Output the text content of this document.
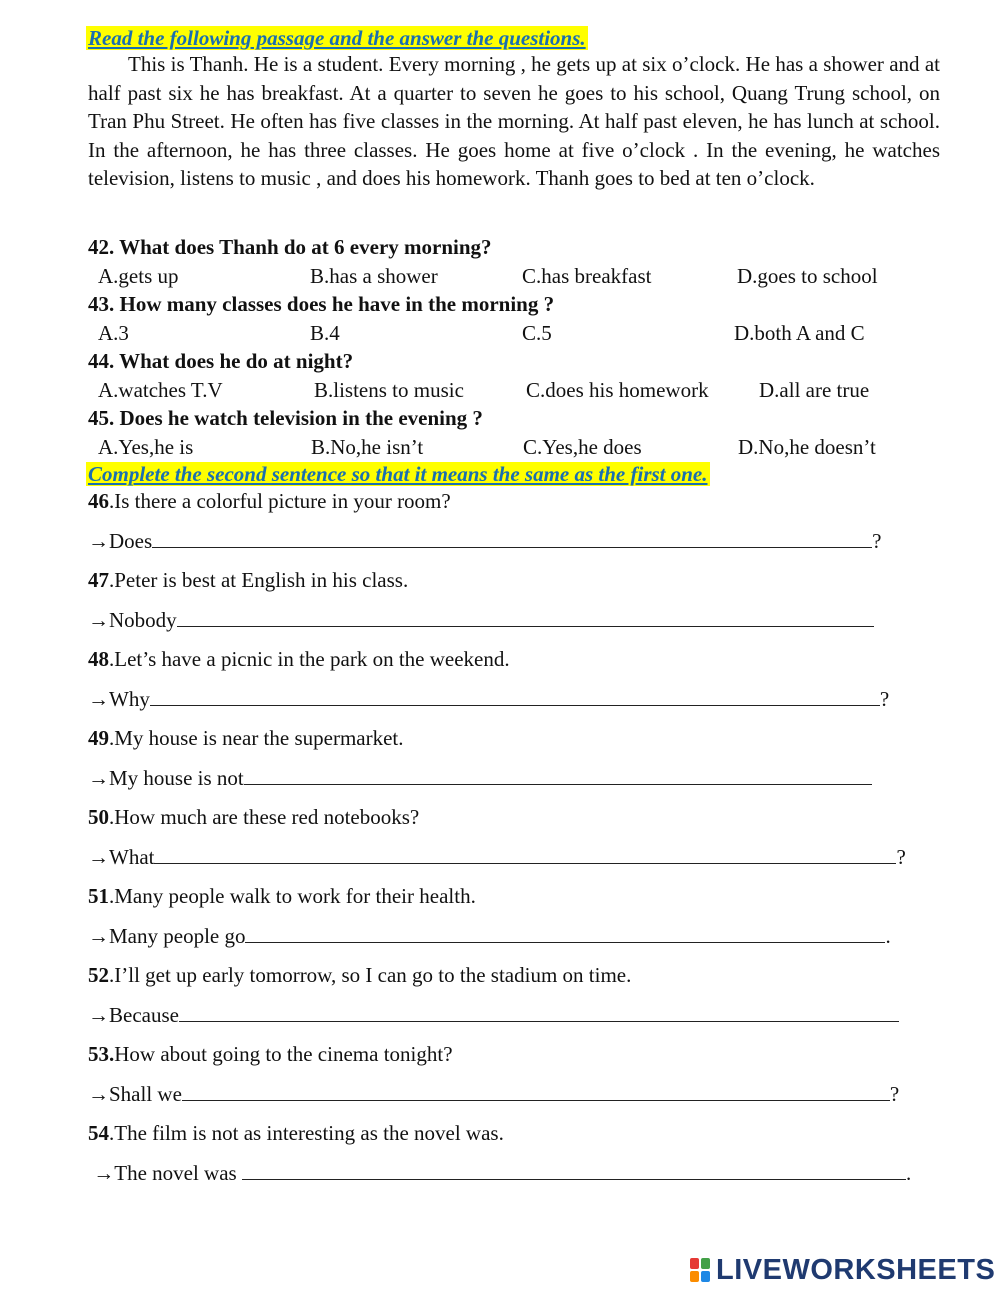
Read the following passage and the answer the questions.

This is Thanh. He is a student. Every morning , he gets up at six o’clock. He has a shower and at half past six he has breakfast. At a quarter to seven he goes to his school, Quang Trung school, on Tran Phu Street. He often has five classes in the morning. At half past eleven, he has lunch at school. In the afternoon, he has three classes. He goes home at five o’clock . In the evening, he watches television, listens to music , and does his homework. Thanh goes to bed at ten o’clock.

42. What does Thanh do at 6 every morning?
A.gets up	B.has a shower	C.has breakfast	D.goes to school
43. How many classes does he have in the morning ?
A.3	B.4	C.5	D.both A and C
44. What does he do at night?
A.watches T.V	B.listens to music	C.does his homework D.all are true
45. Does he watch television in the evening ?
A.Yes,he is	B.No,he isn’t	C.Yes,he does	D.No,he doesn’t
Complete the second sentence so that it means the same as the first one.
46.Is there a colorful picture in your room?
→Does	?
47.Peter is best at English in his class.
→Nobody
48.Let’s have a picnic in the park on the weekend.
→Why	?
49.My house is near the supermarket.
→My house is not
50.How much are these red notebooks?
→What	?
51.Many people walk to work for their health.
→Many people go	.
52.I’ll get up early tomorrow, so I can go to the stadium on time.
→Because
53.How about going to the cinema tonight?
→Shall we	?
54.The film is not as interesting as the novel was.
→The novel was	.
LIVEWORKSHEETS
